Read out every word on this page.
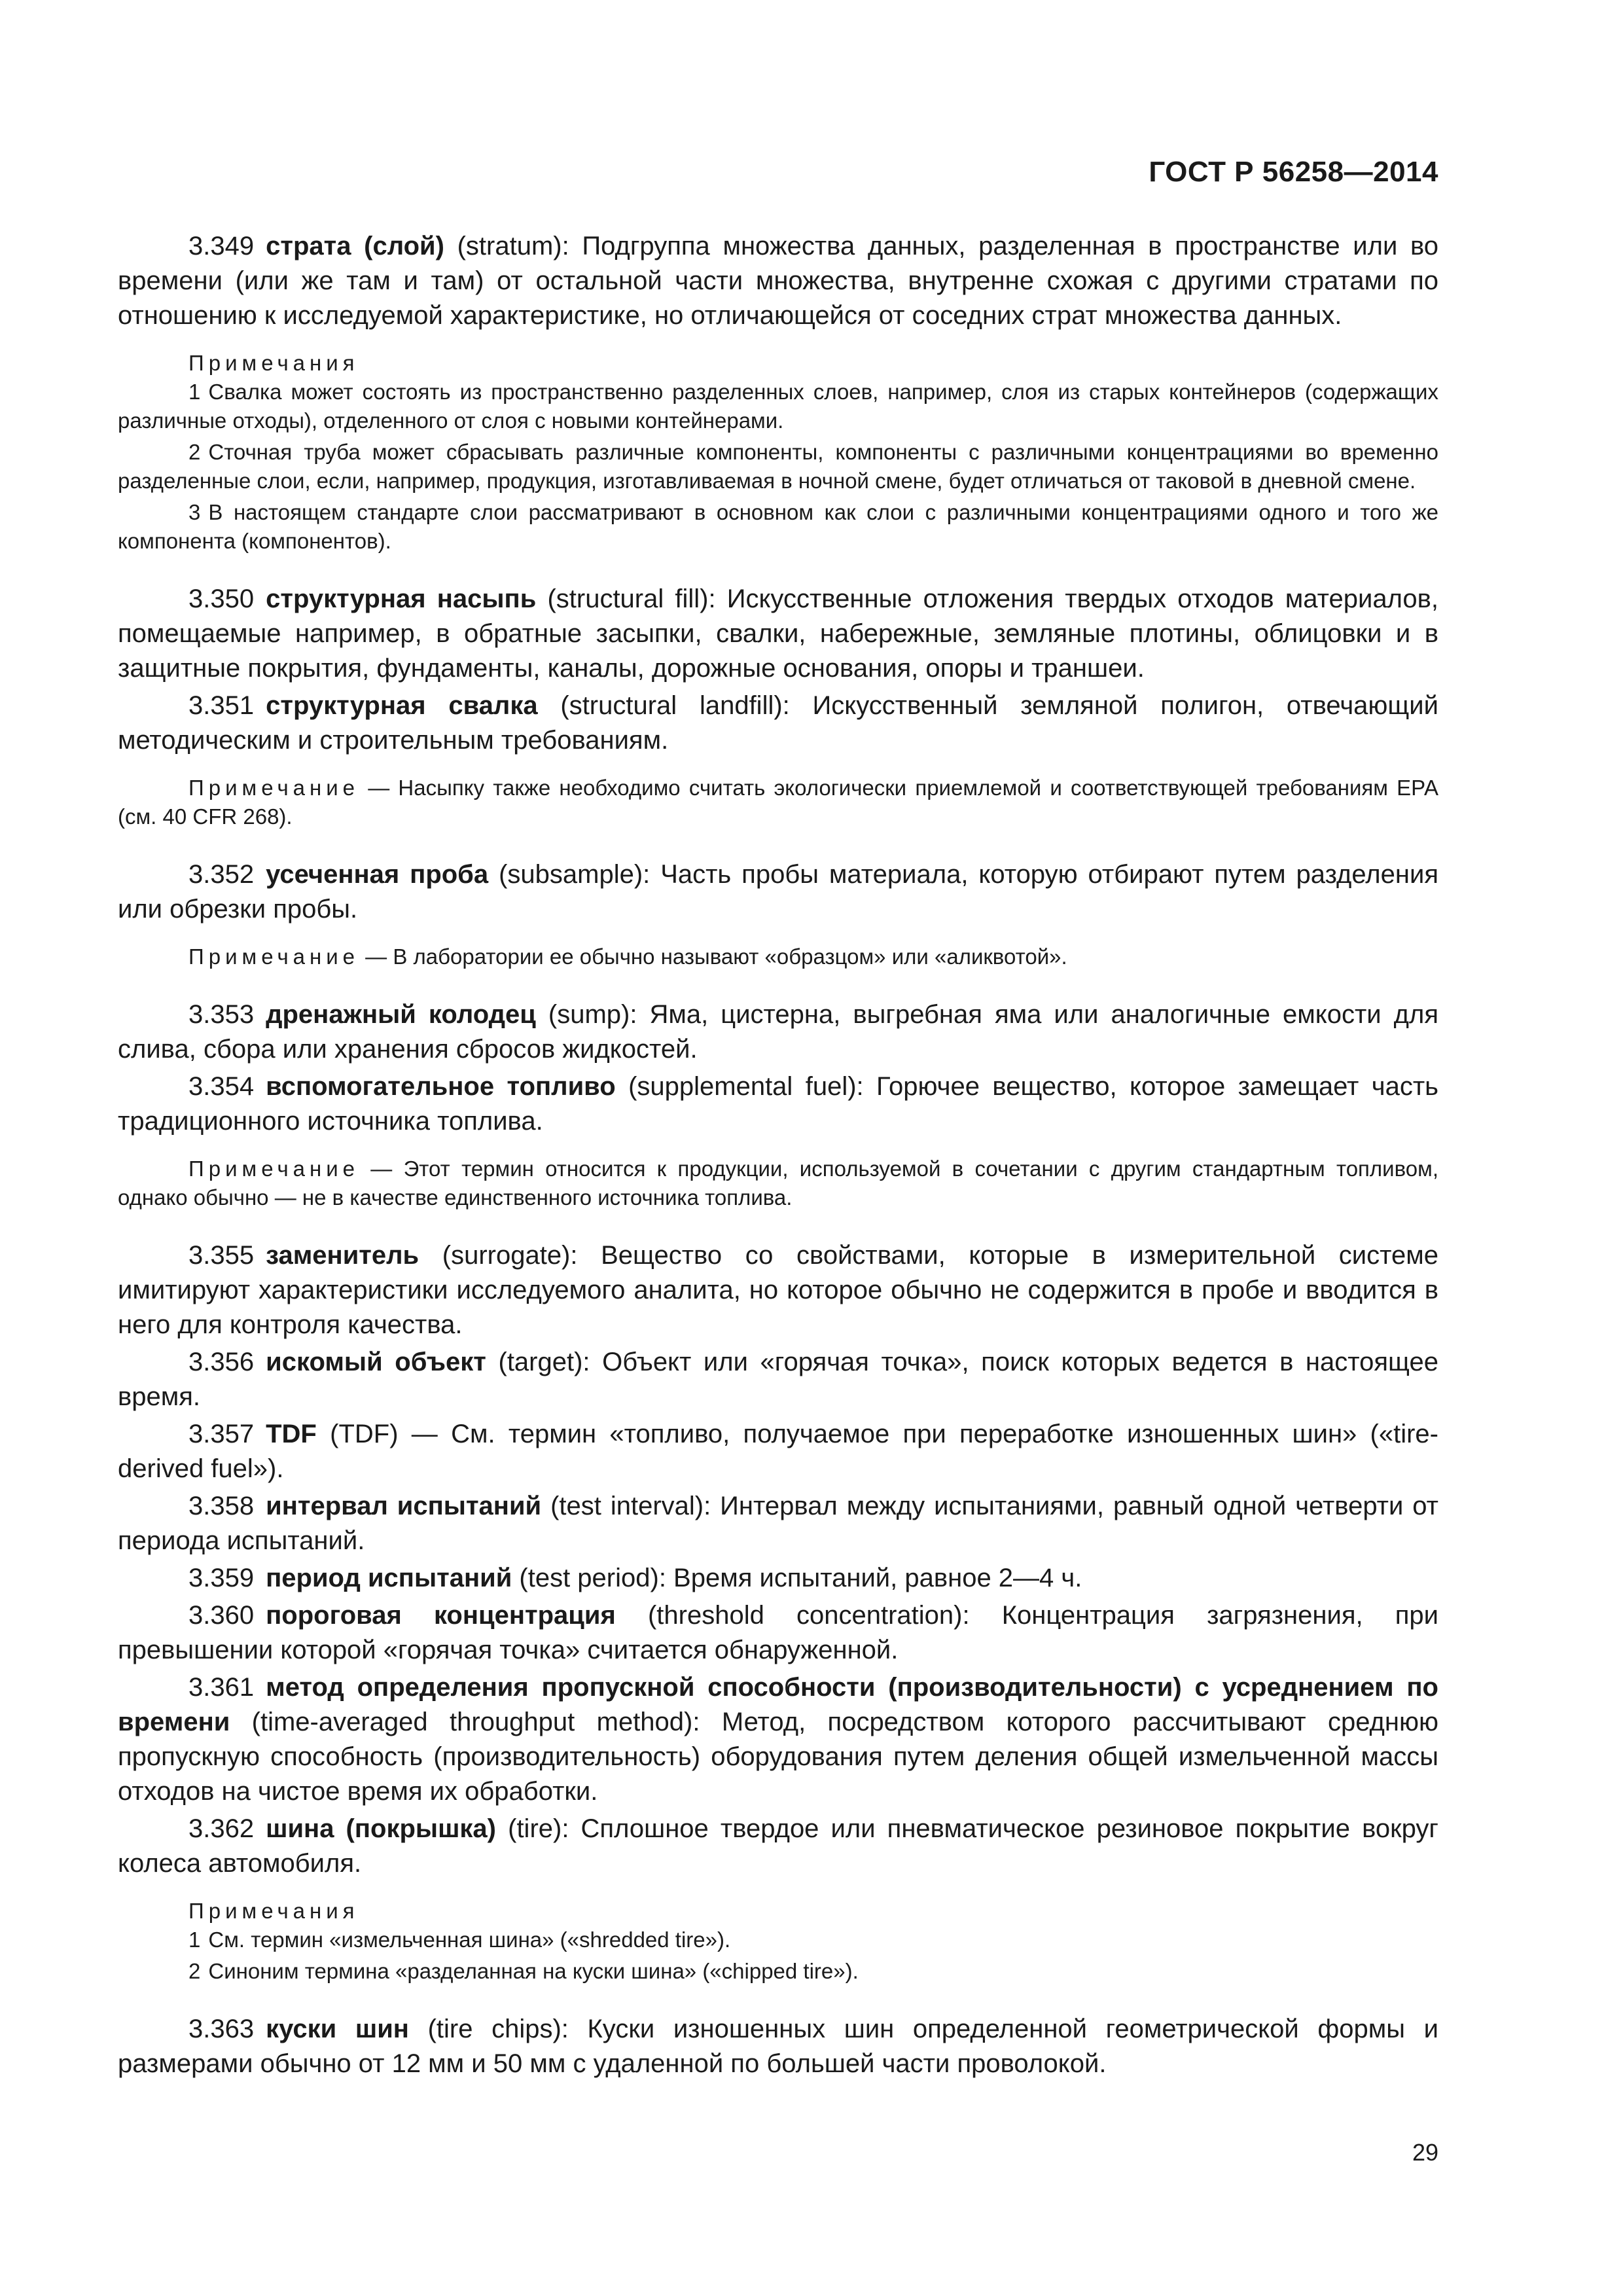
ГОСТ Р 56258—2014

3.349 страта (слой) (stratum): Подгруппа множества данных, разделенная в пространстве или во времени (или же там и там) от остальной части множества, внутренне схожая с другими стратами по отношению к исследуемой характеристике, но отличающейся от соседних страт множества данных.

Примечания

1 Свалка может состоять из пространственно разделенных слоев, например, слоя из старых контейнеров (содержащих различные отходы), отделенного от слоя с новыми контейнерами.

2 Сточная труба может сбрасывать различные компоненты, компоненты с различными концентрациями во временно разделенные слои, если, например, продукция, изготавливаемая в ночной смене, будет отличаться от таковой в дневной смене.

3 В настоящем стандарте слои рассматривают в основном как слои с различными концентрациями одного и того же компонента (компонентов).

3.350 структурная насыпь (structural fill): Искусственные отложения твердых отходов материалов, помещаемые например, в обратные засыпки, свалки, набережные, земляные плотины, облицовки и в защитные покрытия, фундаменты, каналы, дорожные основания, опоры и траншеи.

3.351 структурная свалка (structural landfill): Искусственный земляной полигон, отвечающий методическим и строительным требованиям.

Примечание — Насыпку также необходимо считать экологически приемлемой и соответствующей требованиям ЕРА (см. 40 CFR 268).

3.352 усеченная проба (subsample): Часть пробы материала, которую отбирают путем разделения или обрезки пробы.

Примечание — В лаборатории ее обычно называют «образцом» или «аликвотой».

3.353 дренажный колодец (sump): Яма, цистерна, выгребная яма или аналогичные емкости для слива, сбора или хранения сбросов жидкостей.

3.354 вспомогательное топливо (supplemental fuel): Горючее вещество, которое замещает часть традиционного источника топлива.

Примечание — Этот термин относится к продукции, используемой в сочетании с другим стандартным топливом, однако обычно — не в качестве единственного источника топлива.

3.355 заменитель (surrogate): Вещество со свойствами, которые в измерительной системе имитируют характеристики исследуемого аналита, но которое обычно не содержится в пробе и вводится в него для контроля качества.

3.356 искомый объект (target): Объект или «горячая точка», поиск которых ведется в настоящее время.

3.357 TDF (TDF) — См. термин «топливо, получаемое при переработке изношенных шин» («tire-derived fuel»).

3.358 интервал испытаний (test interval): Интервал между испытаниями, равный одной четверти от периода испытаний.

3.359 период испытаний (test period): Время испытаний, равное 2—4 ч.

3.360 пороговая концентрация (threshold concentration): Концентрация загрязнения, при превышении которой «горячая точка» считается обнаруженной.

3.361 метод определения пропускной способности (производительности) с усреднением по времени (time-averaged throughput method): Метод, посредством которого рассчитывают среднюю пропускную способность (производительность) оборудования путем деления общей измельченной массы отходов на чистое время их обработки.

3.362 шина (покрышка) (tire): Сплошное твердое или пневматическое резиновое покрытие вокруг колеса автомобиля.

Примечания

1 См. термин «измельченная шина» («shredded tire»).

2 Синоним термина «разделанная на куски шина» («chipped tire»).

3.363 куски шин (tire chips): Куски изношенных шин определенной геометрической формы и размерами обычно от 12 мм и 50 мм с удаленной по большей части проволокой.

29
